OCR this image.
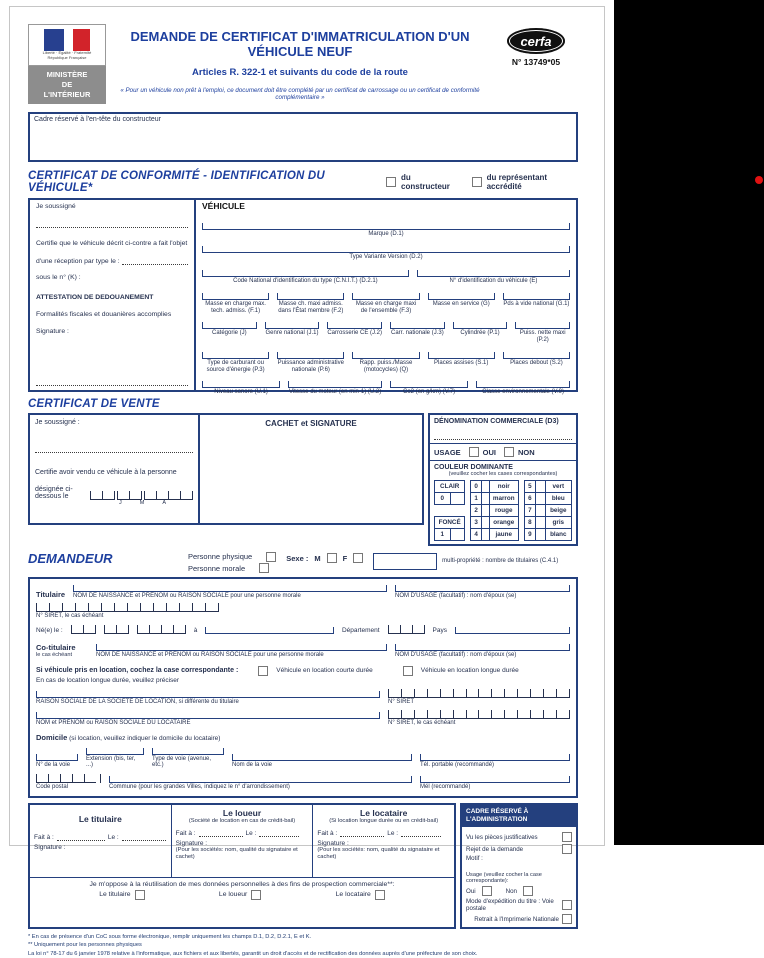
Liberté · Égalité · Fraternité
République Française
MINISTÈRE
DE
L'INTÉRIEUR
DEMANDE DE CERTIFICAT D'IMMATRICULATION D'UN VÉHICULE NEUF
Articles R. 322-1 et suivants du code de la route
« Pour un véhicule non prêt à l'emploi, ce document doit être complété par un certificat de carrossage ou un certificat de conformité complémentaire »
cerfa
N° 13749*05
Cadre réservé à l'en-tête du constructeur
CERTIFICAT DE CONFORMITÉ - IDENTIFICATION DU VÉHICULE*
du constructeur
du représentant accrédité
Je soussigné
Certifie que le véhicule décrit ci-contre a fait l'objet
d'une réception par type le :
sous le n° (K) :
ATTESTATION DE DEDOUANEMENT
Formalités fiscales et douanières accomplies
Signature :
VÉHICULE
Marque (D.1)
Type Variante Version (D.2)
Code National d'identification du type (C.N.I.T.) (D.2.1)	N° d'identification du véhicule (E)
Masse en charge max. tech. admiss. (F.1)
Masse ch. maxi admiss. dans l'État membre (F.2)
Masse en charge maxi de l'ensemble (F.3)
Masse en service (G)	Pds à vide national (G.1)
Catégorie (J)	Genre national (J.1) Carrosserie CE (J.2) Carr. nationale (J.3)	Cylindrée (P.1)	Puiss. nette maxi (P.2)
Type de carburant ou source d'énergie (P.3)
Puissance administrative nationale (P.6)
Rapp. puiss./Masse (motocycles) (Q)
Places assises (S.1)	Places debout (S.2)
Niveau sonore (U.1)	Vitesse du moteur (en min-1) (U.2)	Co2 (en g/km) (V.7)	Classe environnementale (V.9)
CERTIFICAT DE VENTE
Je soussigné :
Certifie avoir vendu ce véhicule à la personne
désignée ci-dessous le
J	M	A
CACHET et SIGNATURE	DÉNOMINATION COMMERCIALE (D3)
USAGE	OUI	NON
COULEUR DOMINANTE
(veuillez cocher les cases correspondantes)
CLAIR
0	
FONCÉ
1	
0		noir
1		marron
2		rouge
3		orange
4		jaune
5		vert
6		bleu
7		beige
8		gris
9		blanc
DEMANDEUR	Personne physique
Personne morale
Sexe : M	F	multi-propriété : nombre de titulaires (C.4.1)
Titulaire NOM DE NAISSANCE et PRÉNOM ou RAISON SOCIALE pour une personne morale	NOM D'USAGE (facultatif) : nom d'époux (se)
N° SIRET, le cas échéant
Né(e) le :	à	Département	Pays
Co-titulaire
le cas échéant	NOM DE NAISSANCE et PRÉNOM ou RAISON SOCIALE pour une personne morale	NOM D'USAGE (facultatif) : nom d'époux (se)
Si véhicule pris en location, cochez la case correspondante :	Véhicule en location courte durée	Véhicule en location longue durée
En cas de location longue durée, veuillez préciser
RAISON SOCIALE DE LA SOCIÉTÉ DE LOCATION, si différente du titulaire	N° SIRET
NOM et PRÉNOM ou RAISON SOCIALE DU LOCATAIRE	N° SIRET, le cas échéant
Domicile (si location, veuillez indiquer le domicile du locataire)
N° de la voie
Extension (bis, ter, ...)
Type de voie (avenue, etc.)	Nom de la voie	Tél. portable (recommandé)
Code postal	Commune (pour les grandes Villes, indiquez le n° d'arrondissement)	Mél (recommandé)
Le titulaire
Fait à :	Le :
Signature :
Le loueur
(Société de location en cas de crédit-bail)
Fait à :	Le :
Signature :
(Pour les sociétés: nom, qualité du signataire et cachet)
Le locataire
(Si location longue durée ou en crédit-bail)
Fait à :	Le :
Signature :
(Pour les sociétés: nom, qualité du signataire et cachet)
Je m'oppose à la réutilisation de mes données personnelles à des fins de prospection commerciale**:
Le titulaire	Le loueur	Le locataire
CADRE RÉSERVÉ À
L'ADMINISTRATION
Vu les pièces justificatives
Rejet de la demande
Motif :
Usage (veuillez cocher la case correspondante):
Oui	Non
Mode d'expédition du titre : Voie postale
Retrait à l'Imprimerie Nationale
* En cas de présence d'un CoC sous forme électronique, remplir uniquement les champs D.1, D.2, D.2.1, E et K.
** Uniquement pour les personnes physiques
La loi n° 78-17 du 6 janvier 1978 relative à l'informatique, aux fichiers et aux libertés, garantit un droit d'accès et de rectification des données auprès d'une préfecture de son choix.
